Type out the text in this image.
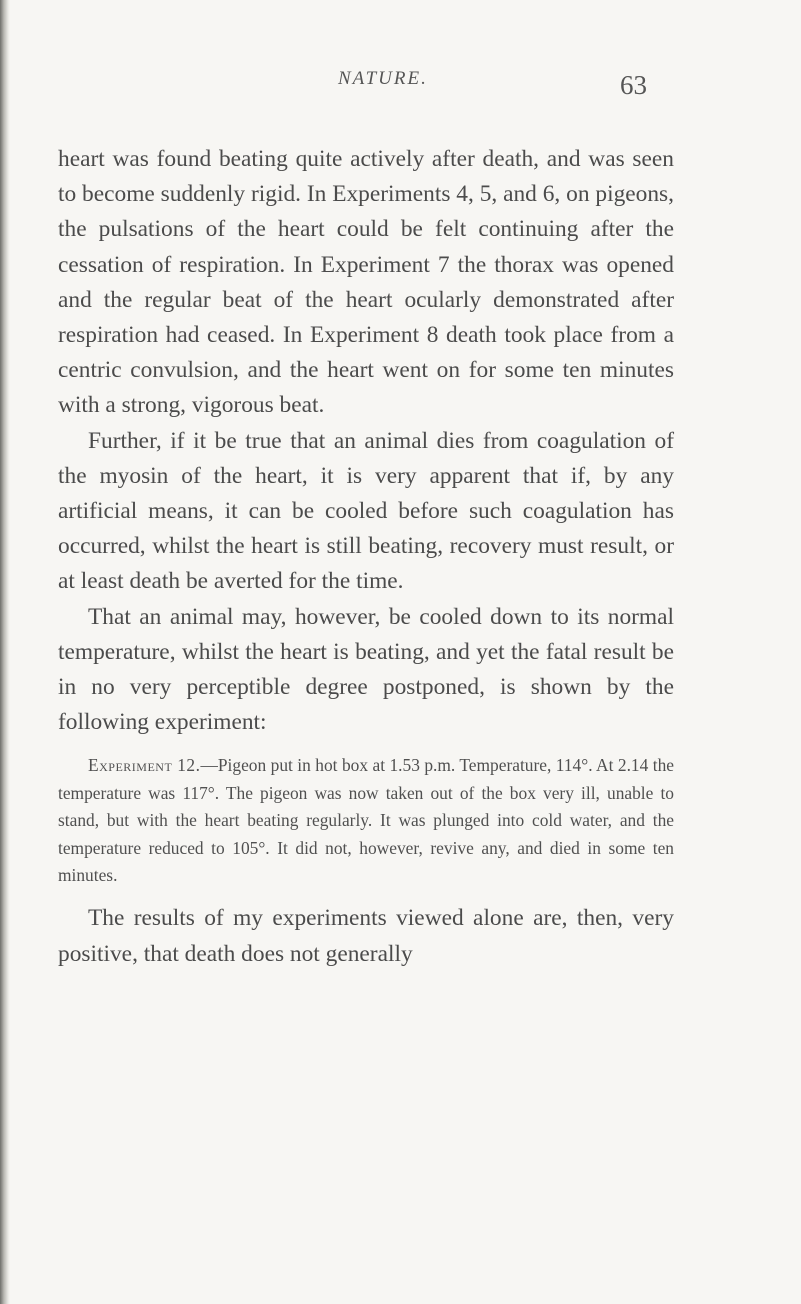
NATURE.	63

heart was found beating quite actively after death, and was seen to become suddenly rigid. In Experiments 4, 5, and 6, on pigeons, the pulsations of the heart could be felt continuing after the cessation of respiration. In Experiment 7 the thorax was opened and the regular beat of the heart ocularly demonstrated after respiration had ceased. In Experiment 8 death took place from a centric convulsion, and the heart went on for some ten minutes with a strong, vigorous beat.

Further, if it be true that an animal dies from coagulation of the myosin of the heart, it is very apparent that if, by any artificial means, it can be cooled before such coagulation has occurred, whilst the heart is still beating, recovery must result, or at least death be averted for the time.

That an animal may, however, be cooled down to its normal temperature, whilst the heart is beating, and yet the fatal result be in no very perceptible degree postponed, is shown by the following experiment:

Experiment 12.—Pigeon put in hot box at 1.53 p.m. Temperature, 114°. At 2.14 the temperature was 117°. The pigeon was now taken out of the box very ill, unable to stand, but with the heart beating regularly. It was plunged into cold water, and the temperature reduced to 105°. It did not, however, revive any, and died in some ten minutes.

The results of my experiments viewed alone are, then, very positive, that death does not generally
